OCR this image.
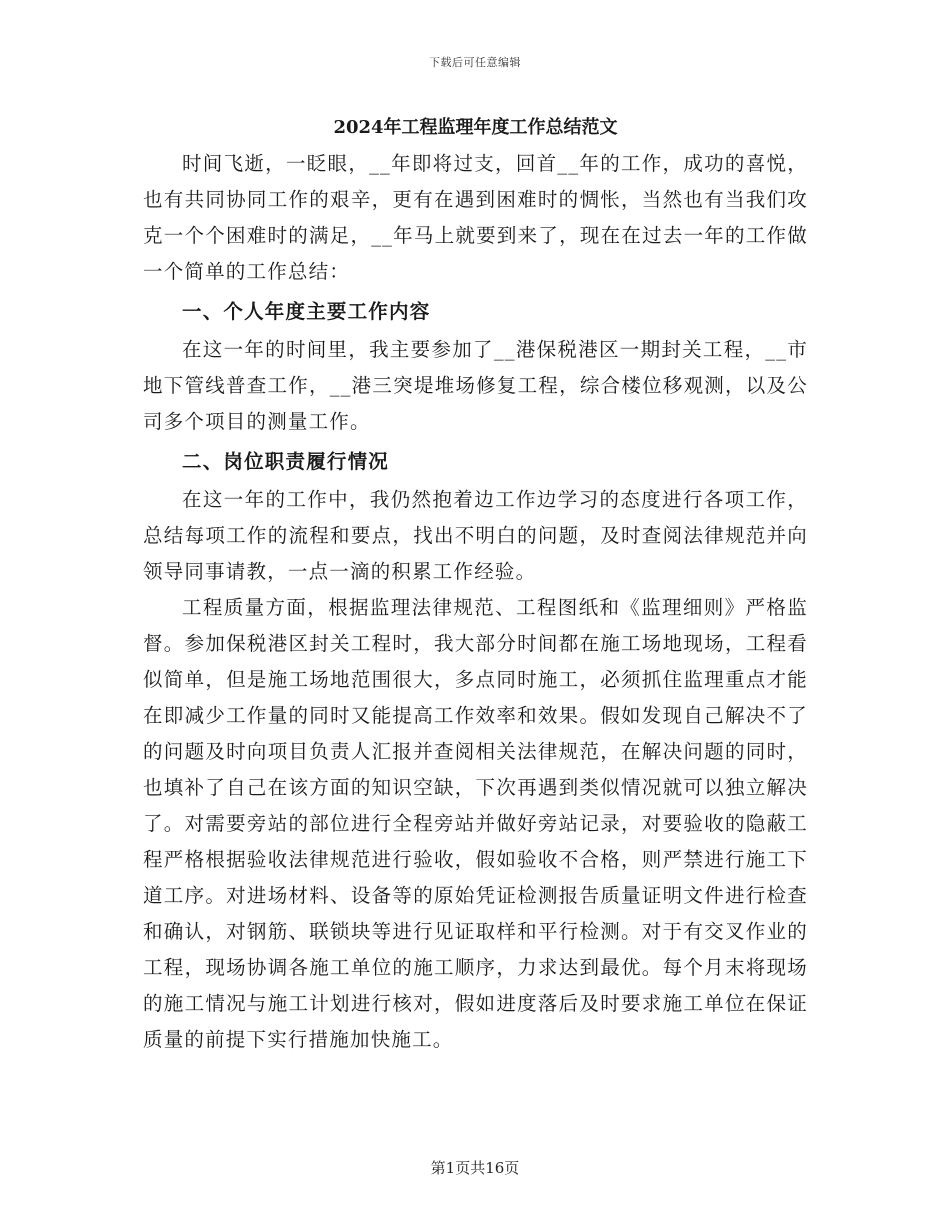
下载后可任意编辑
2024年工程监理年度工作总结范文

时间飞逝，一眨眼，__年即将过支，回首__年的工作，成功的喜悦，也有共同协同工作的艰辛，更有在遇到困难时的惆怅，当然也有当我们攻克一个个困难时的满足，__年马上就要到来了，现在在过去一年的工作做一个简单的工作总结：

一、个人年度主要工作内容

在这一年的时间里，我主要参加了__港保税港区一期封关工程，__市地下管线普查工作，__港三突堤堆场修复工程，综合楼位移观测，以及公司多个项目的测量工作。

二、岗位职责履行情况

在这一年的工作中，我仍然抱着边工作边学习的态度进行各项工作，总结每项工作的流程和要点，找出不明白的问题，及时查阅法律规范并向领导同事请教，一点一滴的积累工作经验。

工程质量方面，根据监理法律规范、工程图纸和《监理细则》严格监督。参加保税港区封关工程时，我大部分时间都在施工场地现场，工程看似简单，但是施工场地范围很大，多点同时施工，必须抓住监理重点才能在即减少工作量的同时又能提高工作效率和效果。假如发现自己解决不了的问题及时向项目负责人汇报并查阅相关法律规范，在解决问题的同时，也填补了自己在该方面的知识空缺，下次再遇到类似情况就可以独立解决了。对需要旁站的部位进行全程旁站并做好旁站记录，对要验收的隐蔽工程严格根据验收法律规范进行验收，假如验收不合格，则严禁进行施工下道工序。对进场材料、设备等的原始凭证检测报告质量证明文件进行检查和确认，对钢筋、联锁块等进行见证取样和平行检测。对于有交叉作业的工程，现场协调各施工单位的施工顺序，力求达到最优。每个月末将现场的施工情况与施工计划进行核对，假如进度落后及时要求施工单位在保证质量的前提下实行措施加快施工。

第1页共16页
